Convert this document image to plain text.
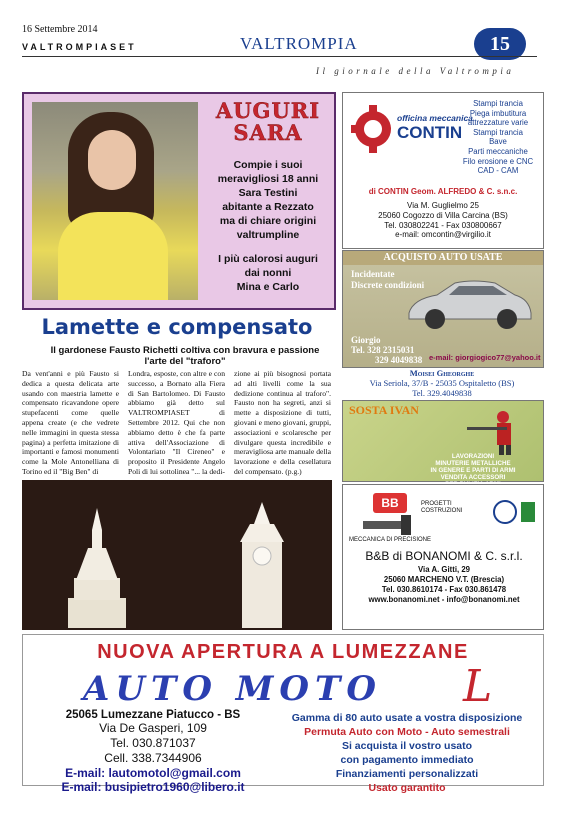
16 Settembre 2014
VALTROMPIASET	VALTROMPIA	15
Il giornale della Valtrompia
AUGURI
SARA
Compie i suoi
meravigliosi 18 anni
Sara Testini
abitante a Rezzato
ma di chiare origini
valtrumpline
I più calorosi auguri
dai nonni
Mina e Carlo
Lamette e compensato
Il gardonese Fausto Richetti coltiva con bravura e passione
l'arte del "traforo"
Da vent'anni e più Fausto si dedica a questa delicata arte usando con maestria lamette e compensato ricavandone opere stupefacenti come quelle appena create (e che vedrete nelle immagini in questa stessa pagina) a perfetta imitazione di importanti e famosi monumenti come la Mole Antonelliana di Torino ed il "Big Ben" di
Londra, esposte, con altre e con successo, a Bornato alla Fiera di San Bartolomeo. Di Fausto abbiamo già detto sul VALTROMPIASET di Settembre 2012. Qui che non abbiamo detto è che fa parte attiva dell'Associazione di Volontariato "Il Cireneo" e proposito il Presidente Angelo Poli di lui sottolinea "... la dedi-
zione ai più bisognosi portata ad alti livelli come la sua dedizione continua al traforo". Fausto non ha segreti, anzi si mette a disposizione di tutti, giovani e meno giovani, gruppi, associazioni e scolaresche per divulgare questa incredibile e meravigliosa arte manuale della lavorazione e della cesellatura del compensato. (p.g.)
officina meccanica
CONTIN
Stampi trancia
Piega imbutitura
attrezzature varie
Stampi trancia
Bave
Parti meccaniche
Filo erosione e CNC
CAD - CAM
di CONTIN Geom. ALFREDO & C. s.n.c.
Via M. Guglielmo 25
25060 Cogozzo di Villa Carcina (BS)
Tel. 030802241 - Fax 030800667
e-mail: omcontin@virgilio.it
ACQUISTO AUTO USATE
Incidentate
Discrete condizioni
Giorgio
Tel. 328 2315031
329 4049838 e-mail: giorgiogico77@yahoo.it
Moisei Gheorghe
Via Seriola, 37/B - 25035 Ospitaletto (BS)
Tel. 329.4049838
SOSTA IVAN
LAVORAZIONI
MINUTERIE METALLICHE
IN GENERE E PARTI DI ARMI
VENDITA ACCESSORI
BB	PROGETTI
COSTRUZIONI
MECCANICA DI PRECISIONE
B&B di BONANOMI & C. s.r.l.
Via A. Gitti, 29
25060 MARCHENO V.T. (Brescia)
Tel. 030.8610174 - Fax 030.861478
www.bonanomi.net - info@bonanomi.net
NUOVA APERTURA A LUMEZZANE
AUTO MOTO L
25065 Lumezzane Piatucco - BS
Via De Gasperi, 109
Tel. 030.871037
Cell. 338.7344906
E-mail: lautomotol@gmail.com
E-mail: busipietro1960@libero.it
Gamma di 80 auto usate a vostra disposizione
Permuta Auto con Moto - Auto semestrali
Si acquista il vostro usato
con pagamento immediato
Finanziamenti personalizzati
Usato garantito
